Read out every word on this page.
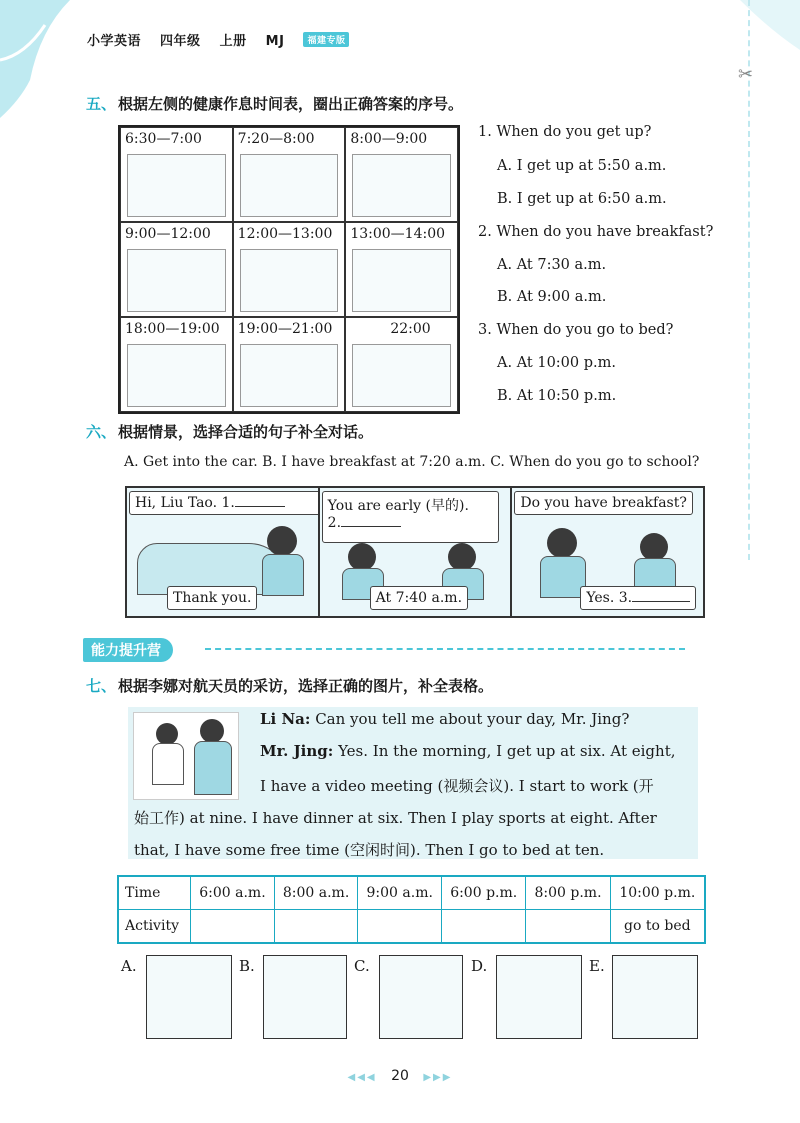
小学英语 四年级 上册 MJ	福建专版
✂
五、 根据左侧的健康作息时间表，圈出正确答案的序号。
6:30—7:00	7:20—8:00	8:00—9:00
9:00—12:00 12:00—13:00 13:00—14:00
18:00—19:00 19:00—21:00	22:00
1. When do you get up?
A. I get up at 5:50 a.m.
B. I get up at 6:50 a.m.
2. When do you have breakfast?
A. At 7:30 a.m.
B. At 9:00 a.m.
3. When do you go to bed?
A. At 10:00 p.m.
B. At 10:50 p.m.
六、 根据情景，选择合适的句子补全对话。
A. Get into the car. B. I have breakfast at 7:20 a.m. C. When do you go to school?
Hi, Liu Tao. 1.
Thank you.
You are early (早的).
2.
At 7:40 a.m.
Do you have breakfast?
Yes. 3.
能力提升营
七、 根据李娜对航天员的采访，选择正确的图片，补全表格。
Li Na: Can you tell me about your day, Mr. Jing?
Mr. Jing: Yes. In the morning, I get up at six. At eight,
I have a video meeting (视频会议). I start to work (开
始工作) at nine. I have dinner at six. Then I play sports at eight. After
that, I have some free time (空闲时间). Then I go to bed at ten.
Time	6:00 a.m.	8:00 a.m.	9:00 a.m.	6:00 p.m.	8:00 p.m.	10:00 p.m.
Activity						go to bed
A.	B.	C.	D.	E.
◀◀◀ 20 ▶▶▶
